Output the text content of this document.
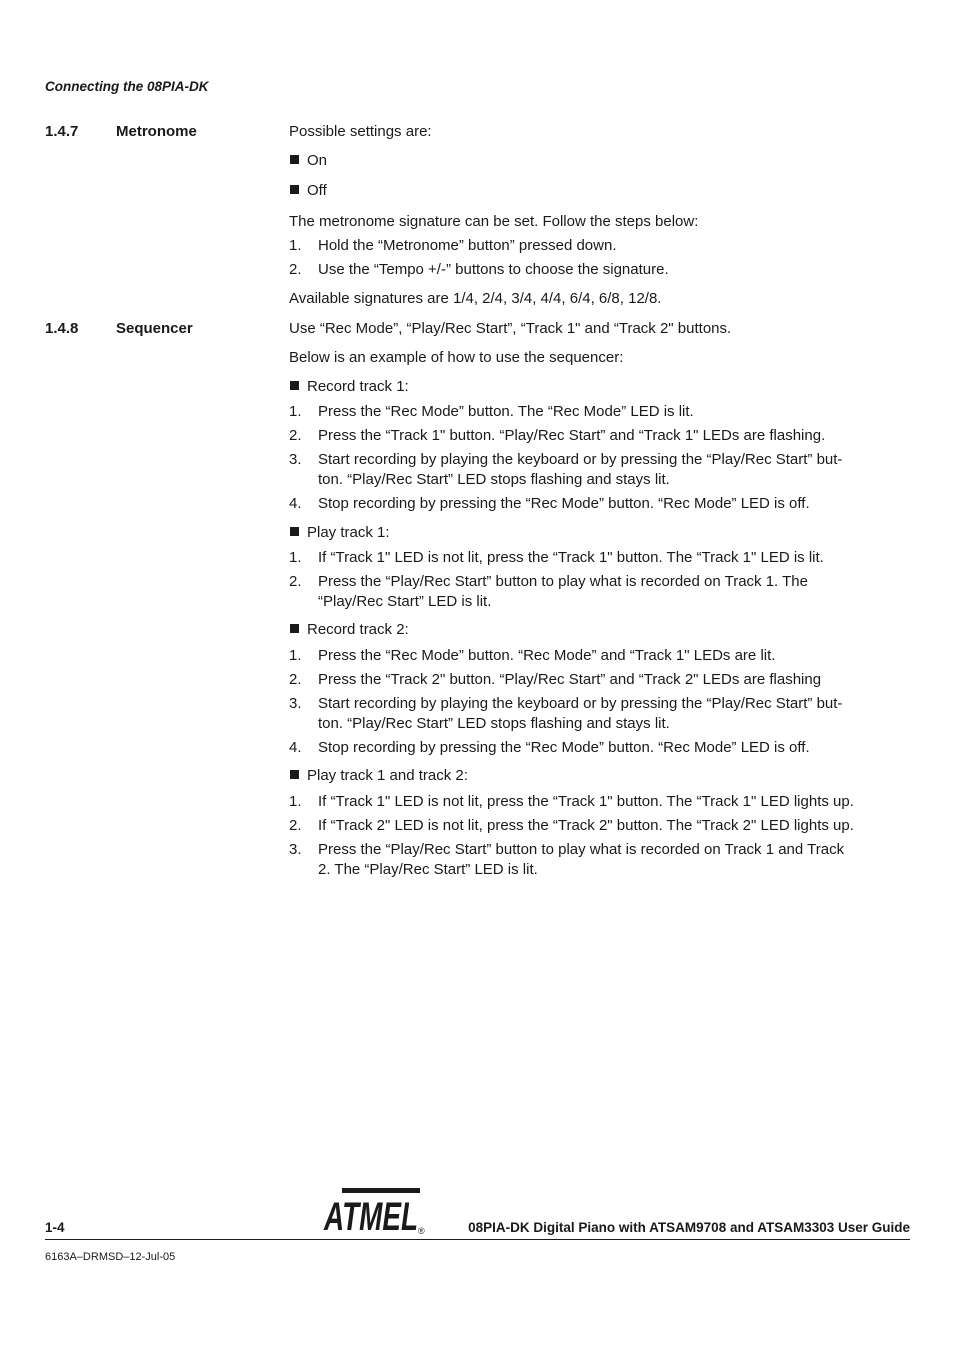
Connecting the 08PIA-DK
1.4.7	Metronome	Possible settings are:
On
Off
The metronome signature can be set. Follow the steps below:
1. Hold the “Metronome” button” pressed down.
2. Use the “Tempo +/-” buttons to choose the signature.
Available signatures are 1/4, 2/4, 3/4, 4/4, 6/4, 6/8, 12/8.
1.4.8	Sequencer	Use “Rec Mode”, “Play/Rec Start”, “Track 1" and “Track 2" buttons.
Below is an example of how to use the sequencer:
Record track 1:
1. Press the “Rec Mode” button. The “Rec Mode” LED is lit.
2. Press the “Track 1" button. “Play/Rec Start” and “Track 1" LEDs are flashing.
3. Start recording by playing the keyboard or by pressing the “Play/Rec Start” but-
ton. “Play/Rec Start” LED stops flashing and stays lit.
4. Stop recording by pressing the “Rec Mode” button. “Rec Mode” LED is off.
Play track 1:
1. If “Track 1" LED is not lit, press the “Track 1" button. The “Track 1" LED is lit.
2. Press the “Play/Rec Start” button to play what is recorded on Track 1. The
“Play/Rec Start” LED is lit.
Record track 2:
1. Press the “Rec Mode” button. “Rec Mode” and “Track 1" LEDs are lit.
2. Press the “Track 2" button. “Play/Rec Start” and “Track 2" LEDs are flashing
3. Start recording by playing the keyboard or by pressing the “Play/Rec Start” but-
ton. “Play/Rec Start” LED stops flashing and stays lit.
4. Stop recording by pressing the “Rec Mode” button. “Rec Mode” LED is off.
Play track 1 and track 2:
1. If “Track 1" LED is not lit, press the “Track 1" button. The “Track 1" LED lights up.
2. If “Track 2" LED is not lit, press the “Track 2" button. The “Track 2" LED lights up.
3. Press the “Play/Rec Start” button to play what is recorded on Track 1 and Track
2. The “Play/Rec Start” LED is lit.
ATMEL ®
1-4	08PIA-DK Digital Piano with ATSAM9708 and ATSAM3303 User Guide
6163A–DRMSD–12-Jul-05
